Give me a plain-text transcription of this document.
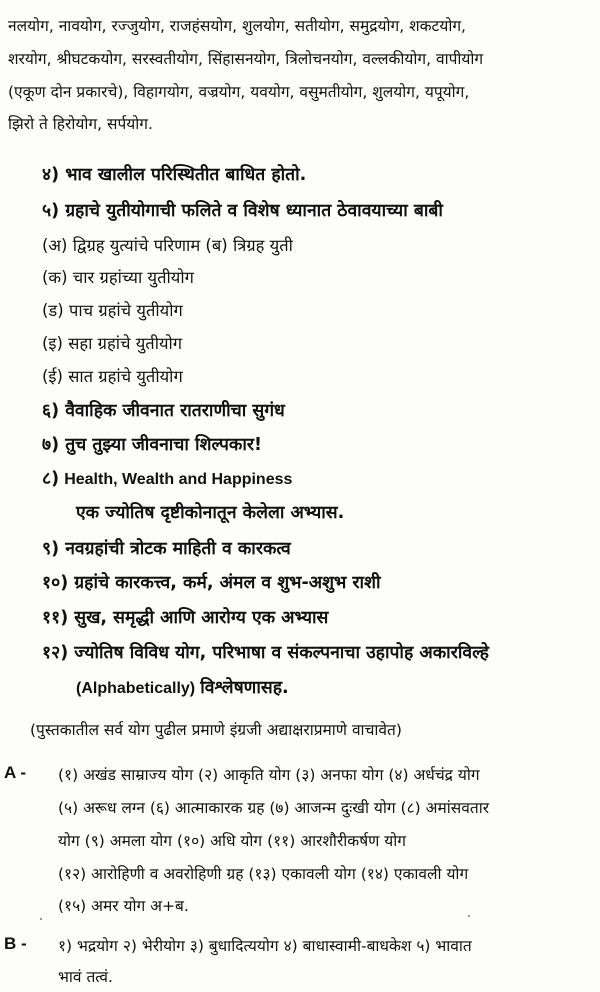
नलयोग, नावयोग, रज्जुयोग, राजहंसयोग, शुलयोग, सतीयोग, समुद्रयोग, शकटयोग,
शरयोग, श्रीघटकयोग, सरस्वतीयोग, सिंहासनयोग, त्रिलोचनयोग, वल्लकीयोग, वापीयोग
(एकूण दोन प्रकारचे), विहागयोग, वज्रयोग, यवयोग, वसुमतीयोग, शुलयोग, यपूयोग,
झिरो ते हिरोयोग, सर्पयोग.
४) भाव खालील परिस्थितीत बाधित होतो.
५) ग्रहाचे युतीयोगाची फलिते व विशेष ध्यानात ठेवावयाच्या बाबी
(अ) द्विग्रह युत्यांचे परिणाम (ब) त्रिग्रह युती
(क) चार ग्रहांच्या युतीयोग
(ड) पाच ग्रहांचे युतीयोग
(इ) सहा ग्रहांचे युतीयोग
(ई) सात ग्रहांचे युतीयोग
६) वैवाहिक जीवनात रातराणीचा सुगंध
७) तुच तुझ्या जीवनाचा शिल्पकार!
८) Health, Wealth and Happiness
एक ज्योतिष दृष्टीकोनातून केलेला अभ्यास.
९) नवग्रहांची त्रोटक माहिती व कारकत्व
१०) ग्रहांचे कारकत्त्व, कर्म, अंमल व शुभ-अशुभ राशी
११) सुख, समृद्धी आणि आरोग्य एक अभ्यास
१२) ज्योतिष विविध योग, परिभाषा व संकल्पनाचा उहापोह अकारविल्हे
(Alphabetically) विश्लेषणासह.
(पुस्तकातील सर्व योग पुढील प्रमाणे इंग्रजी अद्याक्षराप्रमाणे वाचावेत)
A - (१) अखंड साम्राज्य योग (२) आकृति योग (३) अनफा योग (४) अर्धचंद्र योग
(५) अरूध लग्न (६) आत्माकारक ग्रह (७) आजन्म दुःखी योग (८) अमांसवतार
योग (९) अमला योग (१०) अधि योग (११) आरशौरीकर्षण योग
(१२) आरोहिणी व अवरोहिणी ग्रह (१३) एकावली योग (१४) एकावली योग
(१५) अमर योग अ+ब.
B - १) भद्रयोग २) भेरीयोग ३) बुधादित्ययोग ४) बाधास्वामी-बाधकेश ५) भावात
भावं तत्वं.
